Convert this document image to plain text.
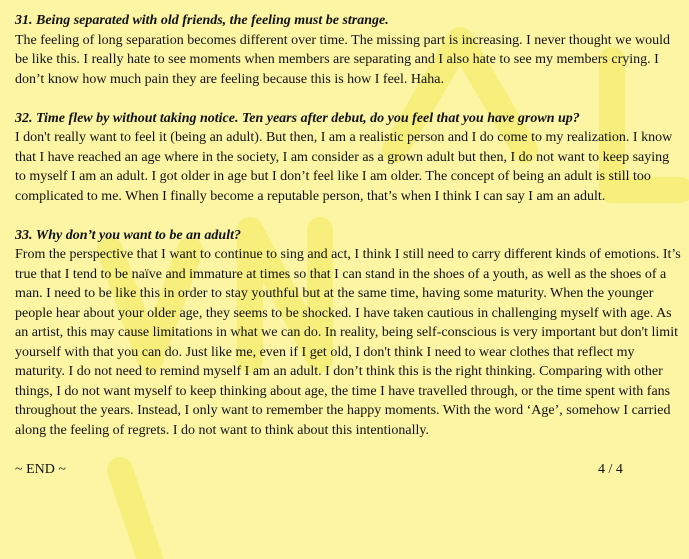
31. Being separated with old friends, the feeling must be strange.

The feeling of long separation becomes different over time. The missing part is increasing. I never thought we would be like this. I really hate to see moments when members are separating and I also hate to see my members crying. I don’t know how much pain they are feeling because this is how I feel. Haha.

32. Time flew by without taking notice. Ten years after debut, do you feel that you have grown up?

I don't really want to feel it (being an adult). But then, I am a realistic person and I do come to my realization. I know that I have reached an age where in the society, I am consider as a grown adult but then, I do not want to keep saying to myself I am an adult. I got older in age but I don’t feel like I am older. The concept of being an adult is still too complicated to me. When I finally become a reputable person, that’s when I think I can say I am an adult.

33. Why don’t you want to be an adult?

From the perspective that I want to continue to sing and act, I think I still need to carry different kinds of emotions. It’s true that I tend to be naïve and immature at times so that I can stand in the shoes of a youth, as well as the shoes of a man. I need to be like this in order to stay youthful but at the same time, having some maturity. When the younger people hear about your older age, they seems to be shocked. I have taken cautious in challenging myself with age. As an artist, this may cause limitations in what we can do. In reality, being self-conscious is very important but don't limit yourself with that you can do. Just like me, even if I get old, I don't think I need to wear clothes that reflect my maturity. I do not need to remind myself I am an adult. I don’t think this is the right thinking. Comparing with other things, I do not want myself to keep thinking about age, the time I have travelled through, or the time spent with fans throughout the years. Instead, I only want to remember the happy moments. With the word ‘Age’, somehow I carried along the feeling of regrets. I do not want to think about this intentionally.

~ END ~	4 / 4
